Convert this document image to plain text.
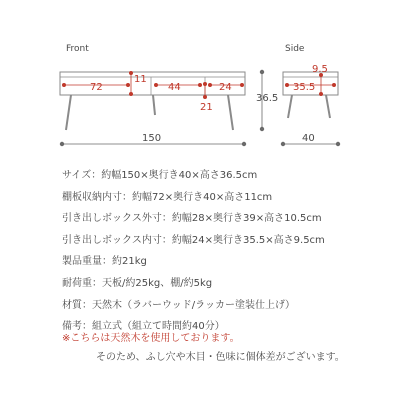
Front
72
11
44	24
21
36.5
150
Side
9.5
35.5
40
サイズ：約幅150×奥行き40×高さ36.5cm
棚板収納内寸：約幅72×奥行き40×高さ11cm
引き出しボックス外寸：約幅28×奥行き39×高さ10.5cm
引き出しボックス内寸：約幅24×奥行き35.5×高さ9.5cm
製品重量：約21kg
耐荷重：天板/約25kg、棚/約5kg
材質：天然木（ラバーウッド/ラッカー塗装仕上げ）
備考：組立式（組立て時間約40分）
※こちらは天然木を使用しております。
そのため、ふし穴や木目・色味に個体差がございます。
